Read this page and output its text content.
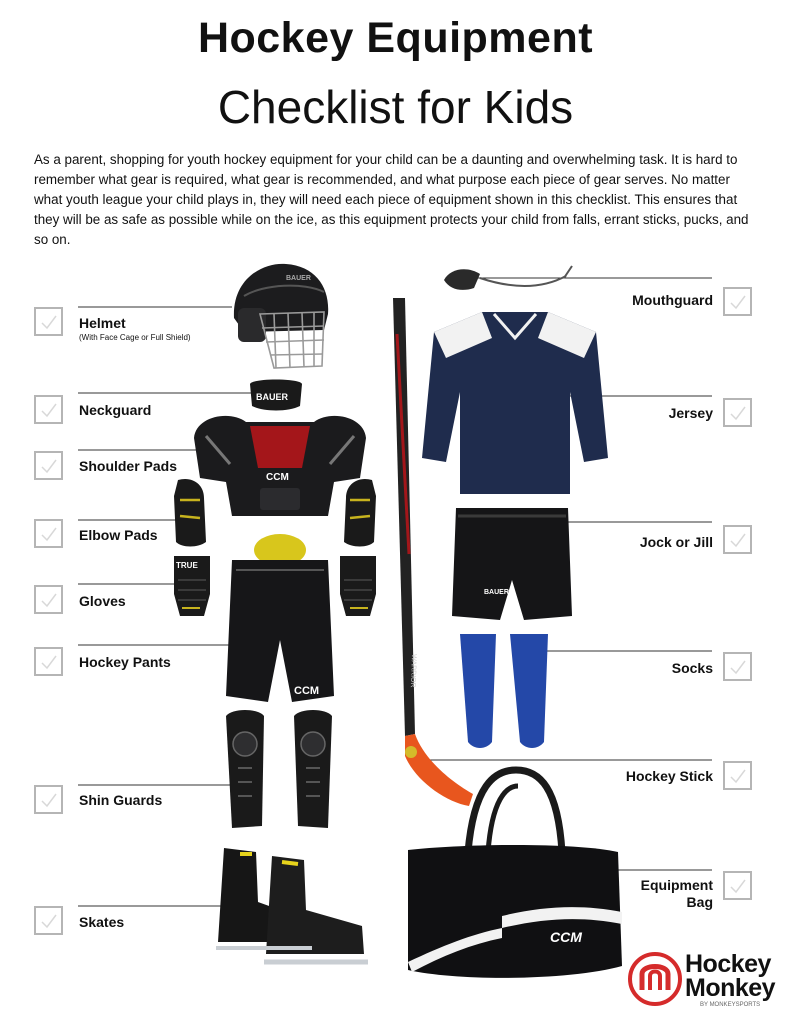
Hockey Equipment
Checklist for Kids
As a parent, shopping for youth hockey equipment for your child can be a daunting and overwhelming task. It is hard to remember what gear is required, what gear is recommended, and what purpose each piece of gear serves. No matter what youth league your child plays in, they will need each piece of equipment shown in this checklist. This ensures that they will be as safe as possible while on the ice, as this equipment protects your child from falls, errant sticks, pucks, and so on.
Helmet
(With Face Cage or Full Shield)
Neckguard
Shoulder Pads
Elbow Pads
Gloves
Hockey Pants
Shin Guards
Skates
Mouthguard
Jersey
Jock or Jill
Socks
Hockey Stick
Equipment
Bag
BAUER
BAUER
CCM
TRUE
CCM
WARRIOR
BAUER
CCM
Hockey
Monkey
BY MONKEYSPORTS
